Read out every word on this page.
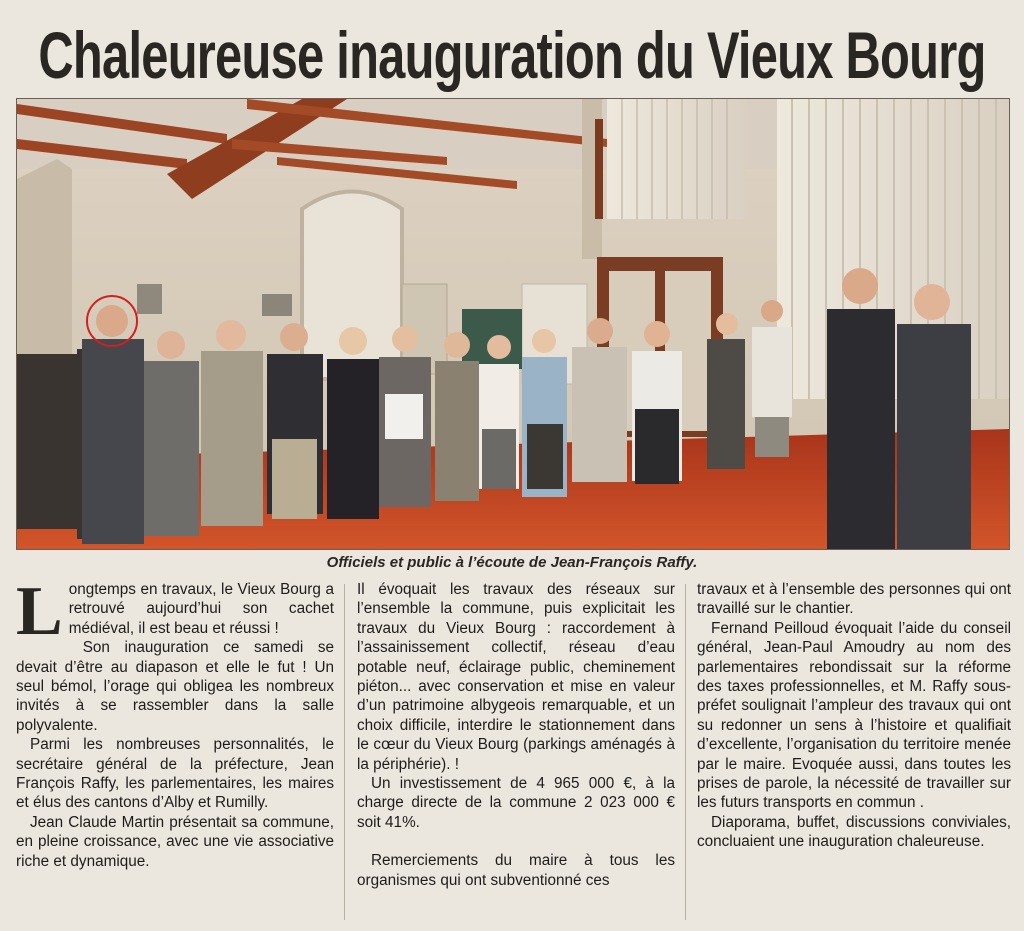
Chaleureuse inauguration du Vieux Bourg
Officiels et public à l’écoute de Jean-François Raffy.

Longtemps en travaux, le Vieux Bourg a retrouvé aujourd’hui son cachet médiéval, il est beau et réussi !

Son inauguration ce samedi se devait d’être au diapason et elle le fut ! Un seul bémol, l’orage qui obligea les nombreux invités à se rassembler dans la salle polyvalente.

Parmi les nombreuses personnalités, le secrétaire général de la préfecture, Jean François Raffy, les parlementaires, les maires et élus des cantons d’Alby et Rumilly.

Jean Claude Martin présentait sa commune, en pleine croissance, avec une vie associative riche et dynamique.

Il évoquait les travaux des réseaux sur l’ensemble la commune, puis explicitait les travaux du Vieux Bourg : raccordement à l’assainissement collectif, réseau d’eau potable neuf, éclairage public, cheminement piéton... avec conservation et mise en valeur d’un patrimoine albygeois remarquable, et un choix difficile, interdire le stationnement dans le cœur du Vieux Bourg (parkings aménagés à la périphérie). !

Un investissement de 4 965 000 €, à la charge directe de la commune 2 023 000 € soit 41%.

Remerciements du maire à tous les organismes qui ont subventionné ces

travaux et à l’ensemble des personnes qui ont travaillé sur le chantier.

Fernand Peilloud évoquait l’aide du conseil général, Jean-Paul Amoudry au nom des parlementaires rebondissait sur la réforme des taxes professionnelles, et M. Raffy sous-préfet soulignait l’ampleur des travaux qui ont su redonner un sens à l’histoire et qualifiait d’excellente, l’organisation du territoire menée par le maire. Evoquée aussi, dans toutes les prises de parole, la nécessité de travailler sur les futurs transports en commun .

Diaporama, buffet, discussions conviviales, concluaient une inauguration chaleureuse.
